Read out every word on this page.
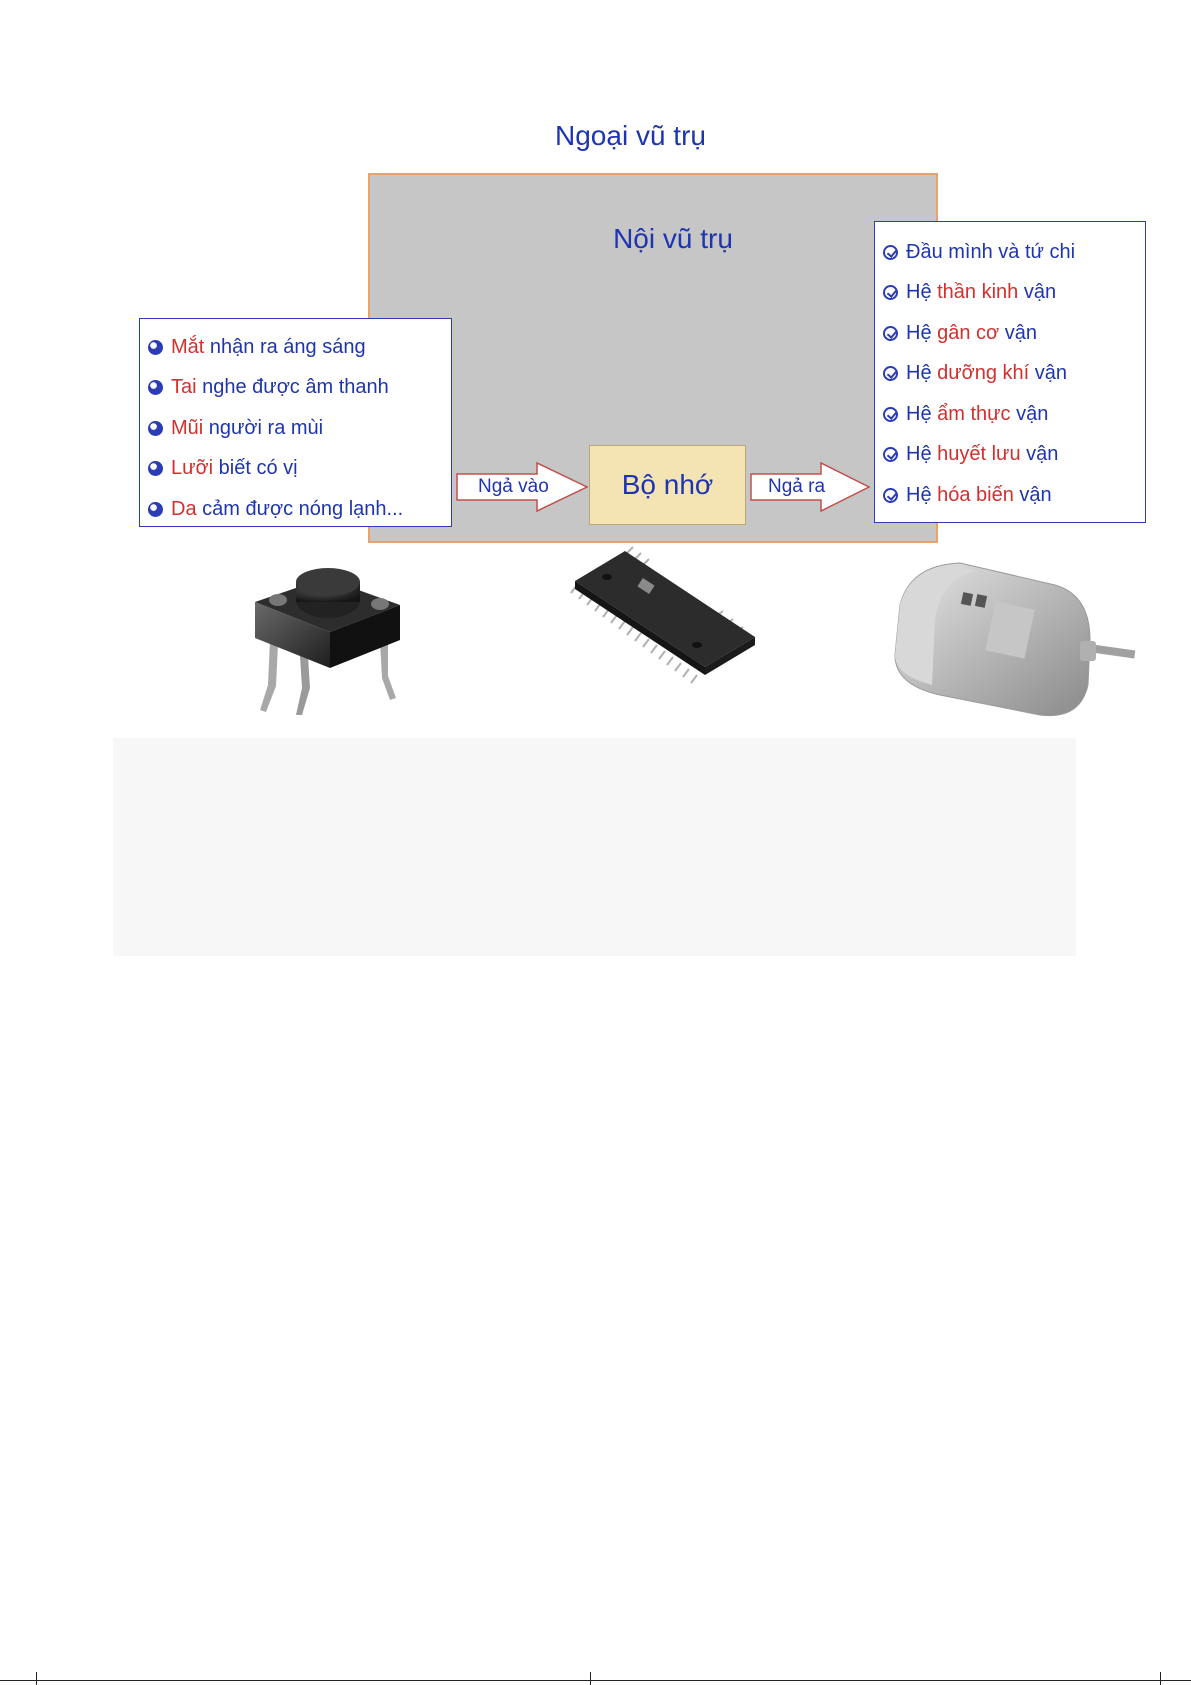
Ngoại vũ trụ
Nội vũ trụ
Mắt nhận ra áng sáng
Tai nghe được âm thanh
Mũi người ra mùi
Lưỡi biết có vị
Da cảm được nóng lạnh...
Ngả vào	Bộ nhớ	Ngả ra
Đầu mình và tứ chi
Hệ thần kinh vận
Hệ gân cơ vận
Hệ dưỡng khí vận
Hệ ẩm thực vận
Hệ huyết lưu vận
Hệ hóa biến vận
